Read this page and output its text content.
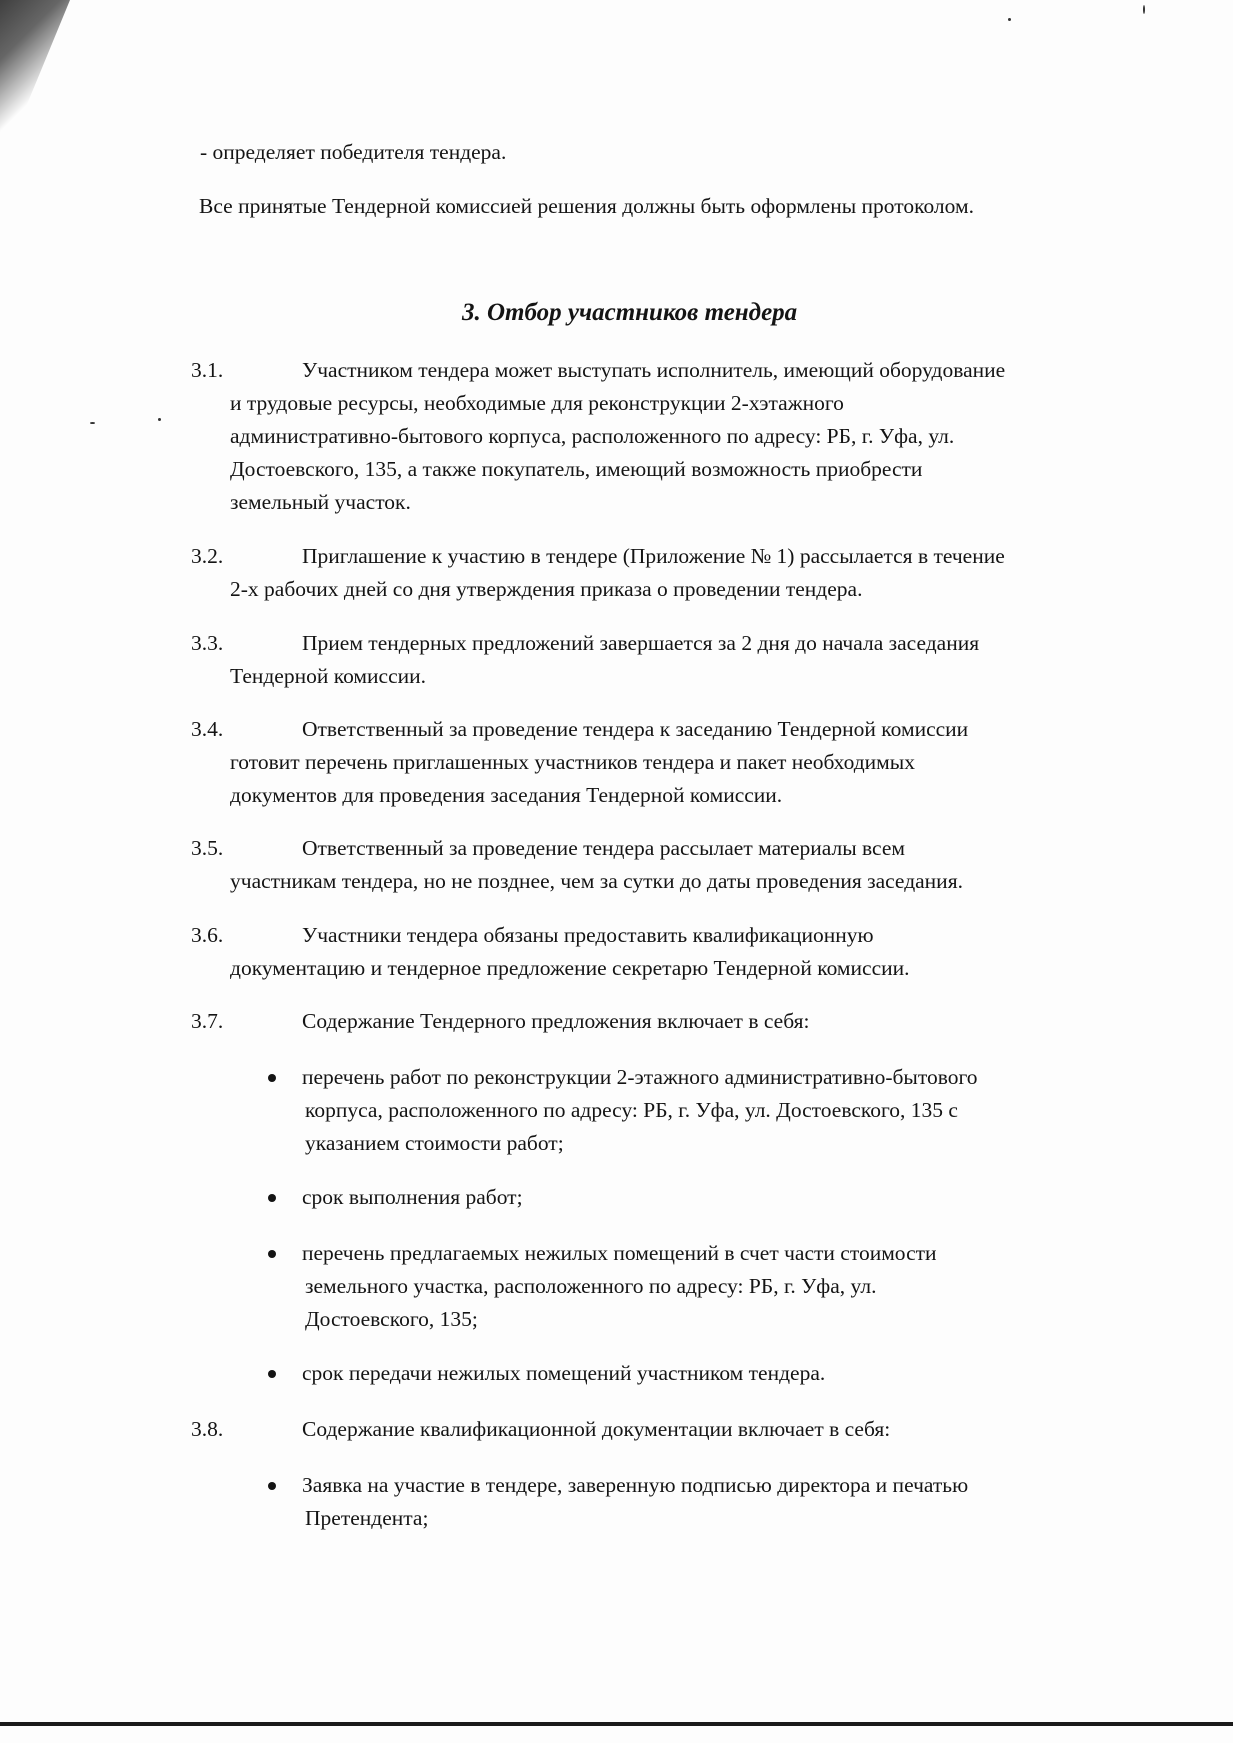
- определяет победителя тендера.
Все принятые Тендерной комиссией решения должны быть оформлены протоколом.
3. Отбор участников тендера
3.1.	Участником тендера может выступать исполнитель, имеющий оборудование
и трудовые ресурсы, необходимые для реконструкции 2-хэтажного
административно-бытового корпуса, расположенного по адресу: РБ, г. Уфа, ул.
Достоевского, 135, а также покупатель, имеющий возможность приобрести
земельный участок.
3.2.	Приглашение к участию в тендере (Приложение № 1) рассылается в течение
2-х рабочих дней со дня утверждения приказа о проведении тендера.
3.3.	Прием тендерных предложений завершается за 2 дня до начала заседания
Тендерной комиссии.
3.4.	Ответственный за проведение тендера к заседанию Тендерной комиссии
готовит перечень приглашенных участников тендера и пакет необходимых
документов для проведения заседания Тендерной комиссии.
3.5.	Ответственный за проведение тендера рассылает материалы всем
участникам тендера, но не позднее, чем за сутки до даты проведения заседания.
3.6.	Участники тендера обязаны предоставить квалификационную
документацию и тендерное предложение секретарю Тендерной комиссии.
3.7.	Содержание Тендерного предложения включает в себя:
перечень работ по реконструкции 2-этажного административно-бытового
корпуса, расположенного по адресу: РБ, г. Уфа, ул. Достоевского, 135 с
указанием стоимости работ;
срок выполнения работ;
перечень предлагаемых нежилых помещений в счет части стоимости
земельного участка, расположенного по адресу: РБ, г. Уфа, ул.
Достоевского, 135;
срок передачи нежилых помещений участником тендера.
3.8.	Содержание квалификационной документации включает в себя:
Заявка на участие в тендере, заверенную подписью директора и печатью
Претендента;
